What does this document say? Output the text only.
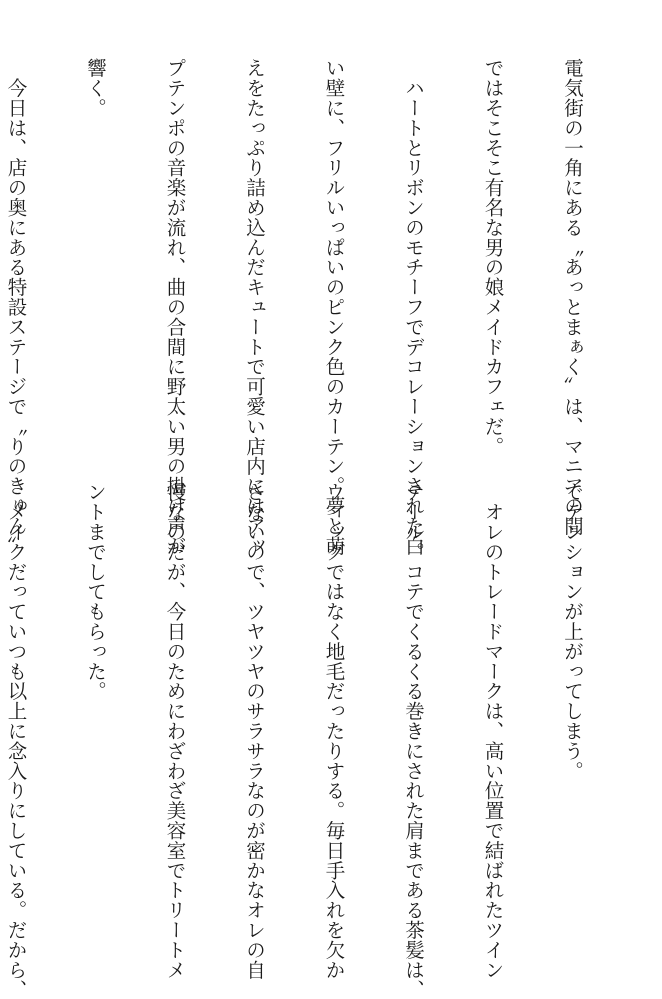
電気街の一角にある〝あっとまぁく〟は、マニアの間

ではそこそこ有名な男の娘メイドカフェだ。

　ハートとリボンのモチーフでデコレーションされた白

い壁に、フリルいっぱいのピンク色のカーテン。夢と萌

えをたっぷり詰め込んだキュートで可愛い店内にはアッ

プテンポの音楽が流れ、曲の合間に野太い男の掛け声が

響く。

　今日は、店の奥にある特設ステージで〝りのきゅん〟

でテンションが上がってしまう。

　オレのトレードマークは、高い位置で結ばれたツイン

テール。コテでくるくる巻きにされた肩まである茶髪は、

ウィッグではなく地毛だったりする。毎日手入れを欠か

さないので、ツヤツヤのサラサラなのが密かなオレの自

慢なのだが、今日のためにわざわざ美容室でトリートメ

ントまでしてもらった。

　メイクだっていつも以上に念入りにしている。だから、
